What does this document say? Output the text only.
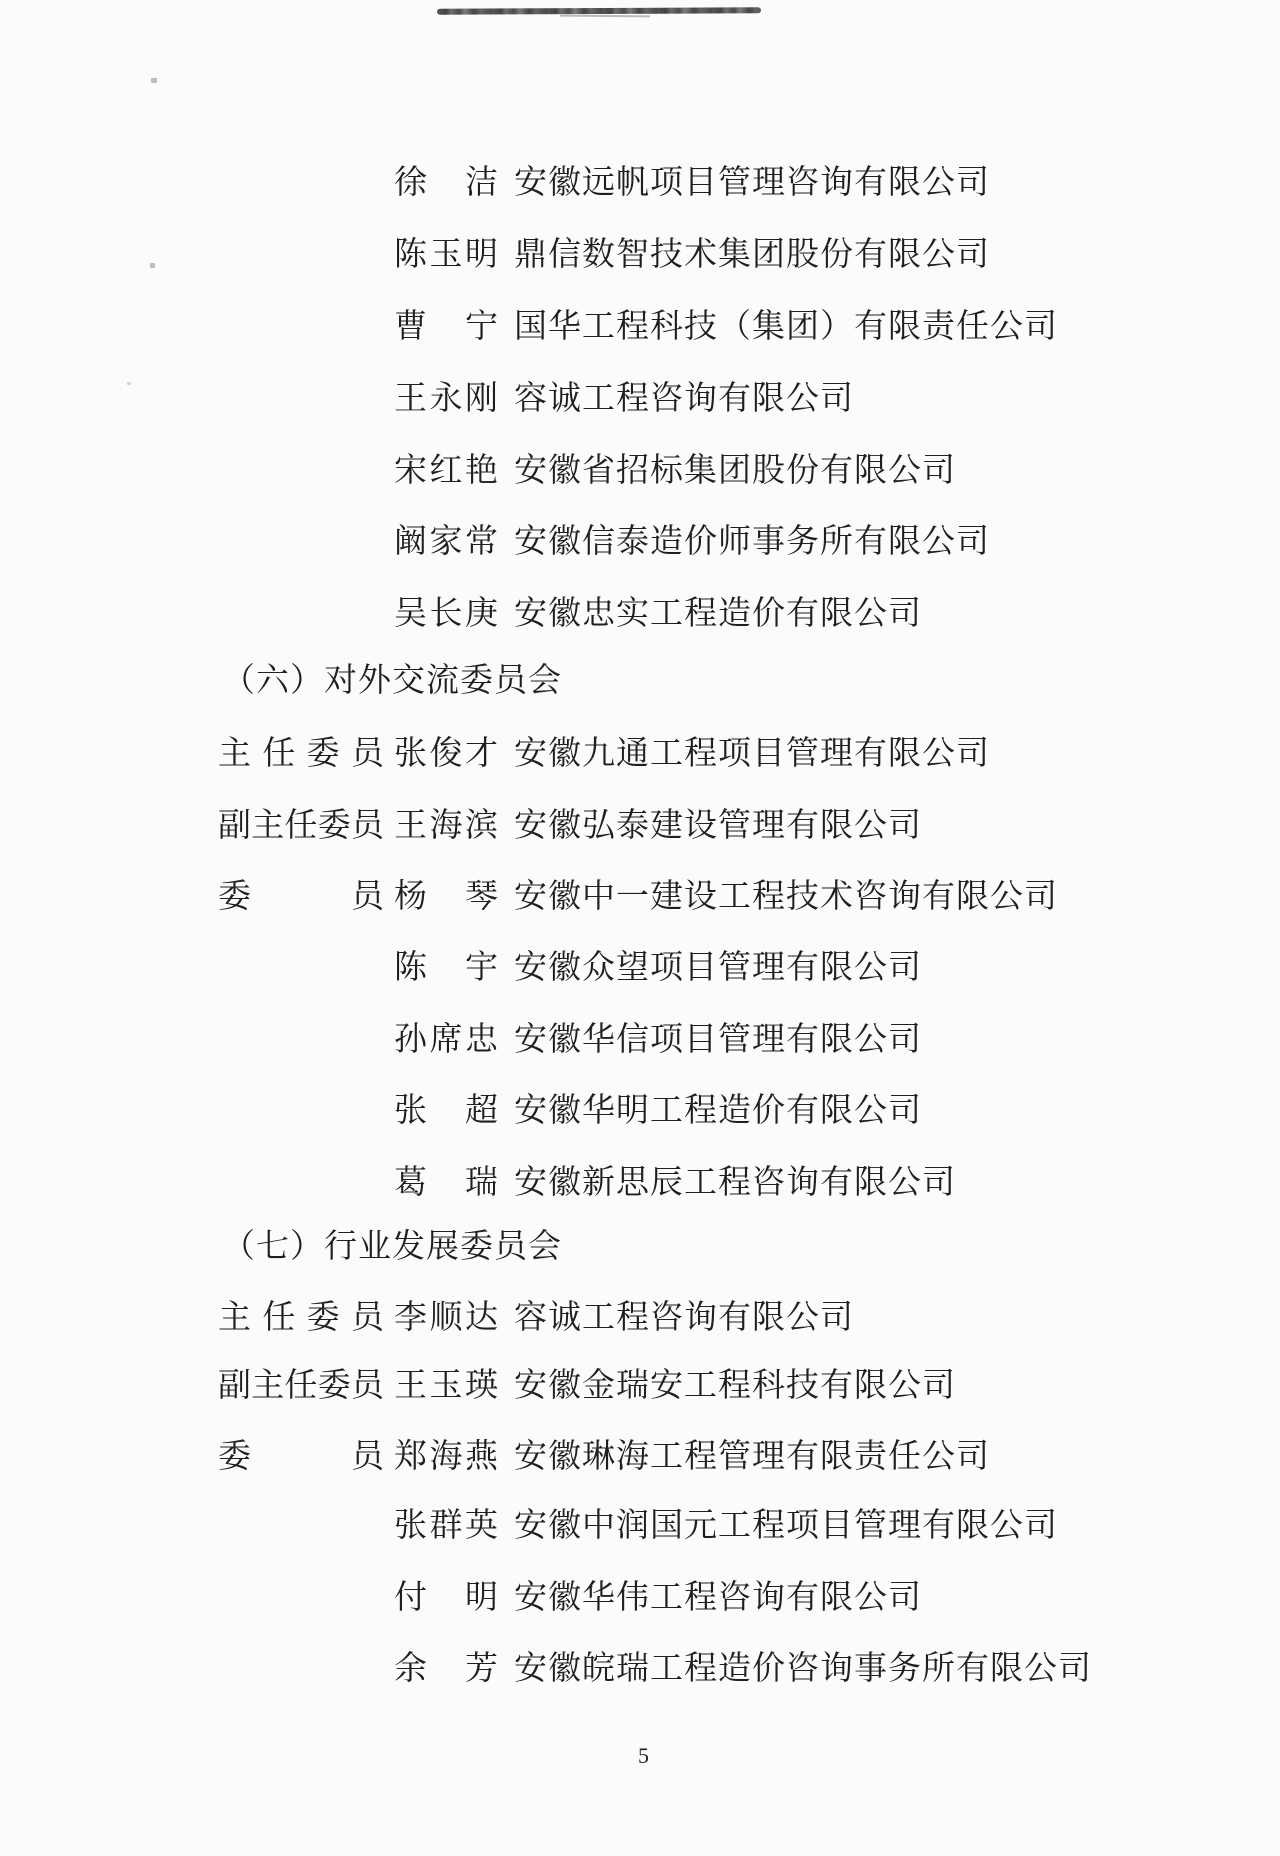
徐洁 安徽远帆项目管理咨询有限公司
陈玉明 鼎信数智技术集团股份有限公司
曹宁 国华工程科技（集团）有限责任公司
王永刚 容诚工程咨询有限公司
宋红艳 安徽省招标集团股份有限公司
阚家常 安徽信泰造价师事务所有限公司
吴长庚 安徽忠实工程造价有限公司
（六）对外交流委员会
主任委员 张俊才 安徽九通工程项目管理有限公司
副主任委员 王海滨 安徽弘泰建设管理有限公司
委员 杨琴 安徽中一建设工程技术咨询有限公司
陈宇 安徽众望项目管理有限公司
孙席忠 安徽华信项目管理有限公司
张超 安徽华明工程造价有限公司
葛瑞 安徽新思辰工程咨询有限公司
（七）行业发展委员会
主任委员 李顺达 容诚工程咨询有限公司
副主任委员 王玉瑛 安徽金瑞安工程科技有限公司
委员 郑海燕 安徽琳海工程管理有限责任公司
张群英 安徽中润国元工程项目管理有限公司
付明 安徽华伟工程咨询有限公司
余芳 安徽皖瑞工程造价咨询事务所有限公司
5
